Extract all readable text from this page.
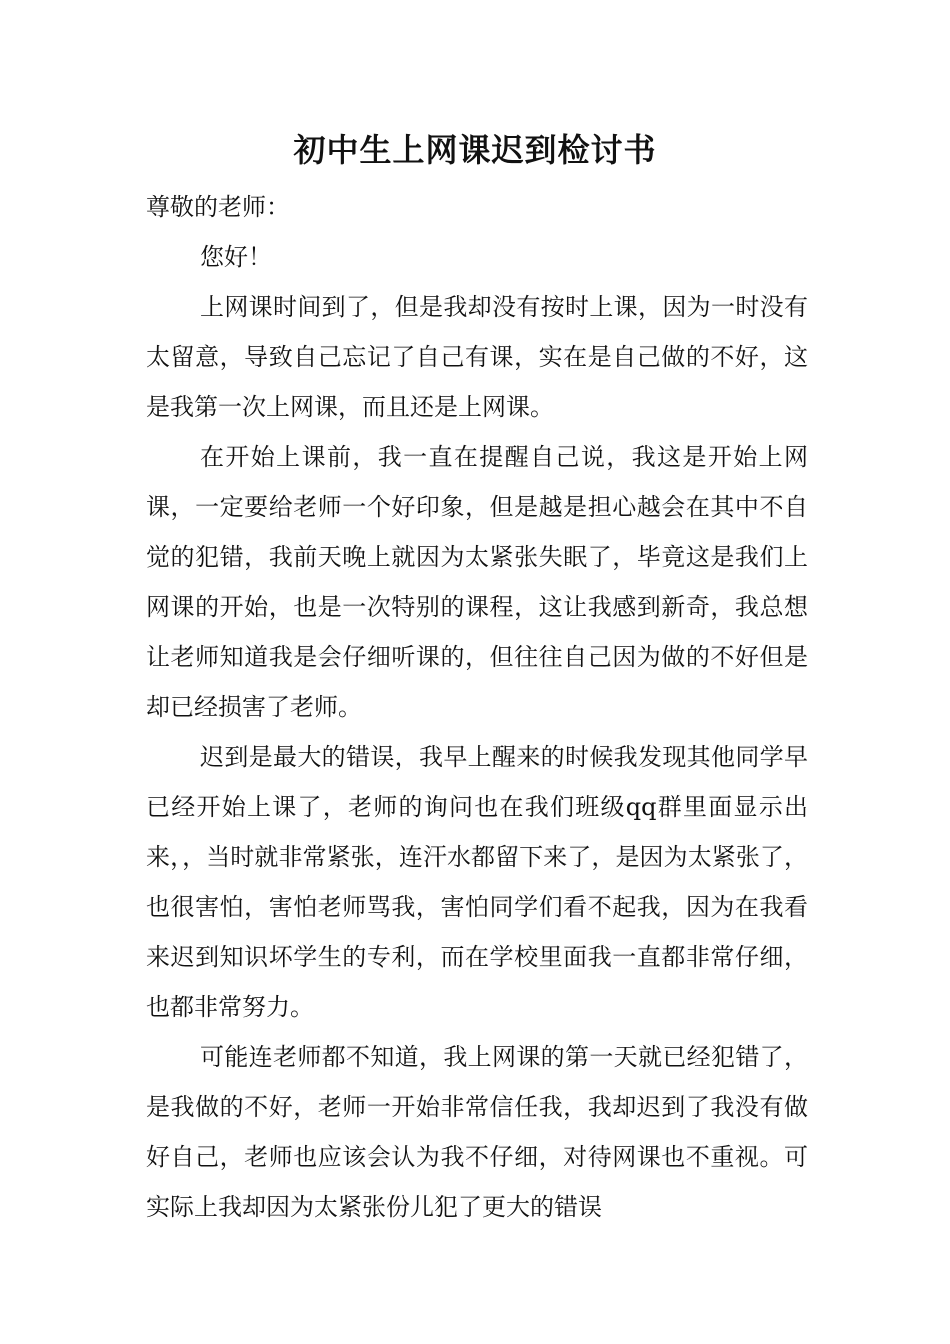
初中生上网课迟到检讨书

尊敬的老师：

您好！

上网课时间到了，但是我却没有按时上课，因为一时没有太留意，导致自己忘记了自己有课，实在是自己做的不好，这是我第一次上网课，而且还是上网课。

在开始上课前，我一直在提醒自己说，我这是开始上网课，一定要给老师一个好印象，但是越是担心越会在其中不自觉的犯错，我前天晚上就因为太紧张失眠了，毕竟这是我们上网课的开始，也是一次特别的课程，这让我感到新奇，我总想让老师知道我是会仔细听课的，但往往自己因为做的不好但是却已经损害了老师。

迟到是最大的错误，我早上醒来的时候我发现其他同学早已经开始上课了，老师的询问也在我们班级qq群里面显示出来，，当时就非常紧张，连汗水都留下来了，是因为太紧张了，也很害怕，害怕老师骂我，害怕同学们看不起我，因为在我看来迟到知识坏学生的专利，而在学校里面我一直都非常仔细，也都非常努力。

可能连老师都不知道，我上网课的第一天就已经犯错了，是我做的不好，老师一开始非常信任我，我却迟到了我没有做好自己，老师也应该会认为我不仔细，对待网课也不重视。可实际上我却因为太紧张份儿犯了更大的错误
